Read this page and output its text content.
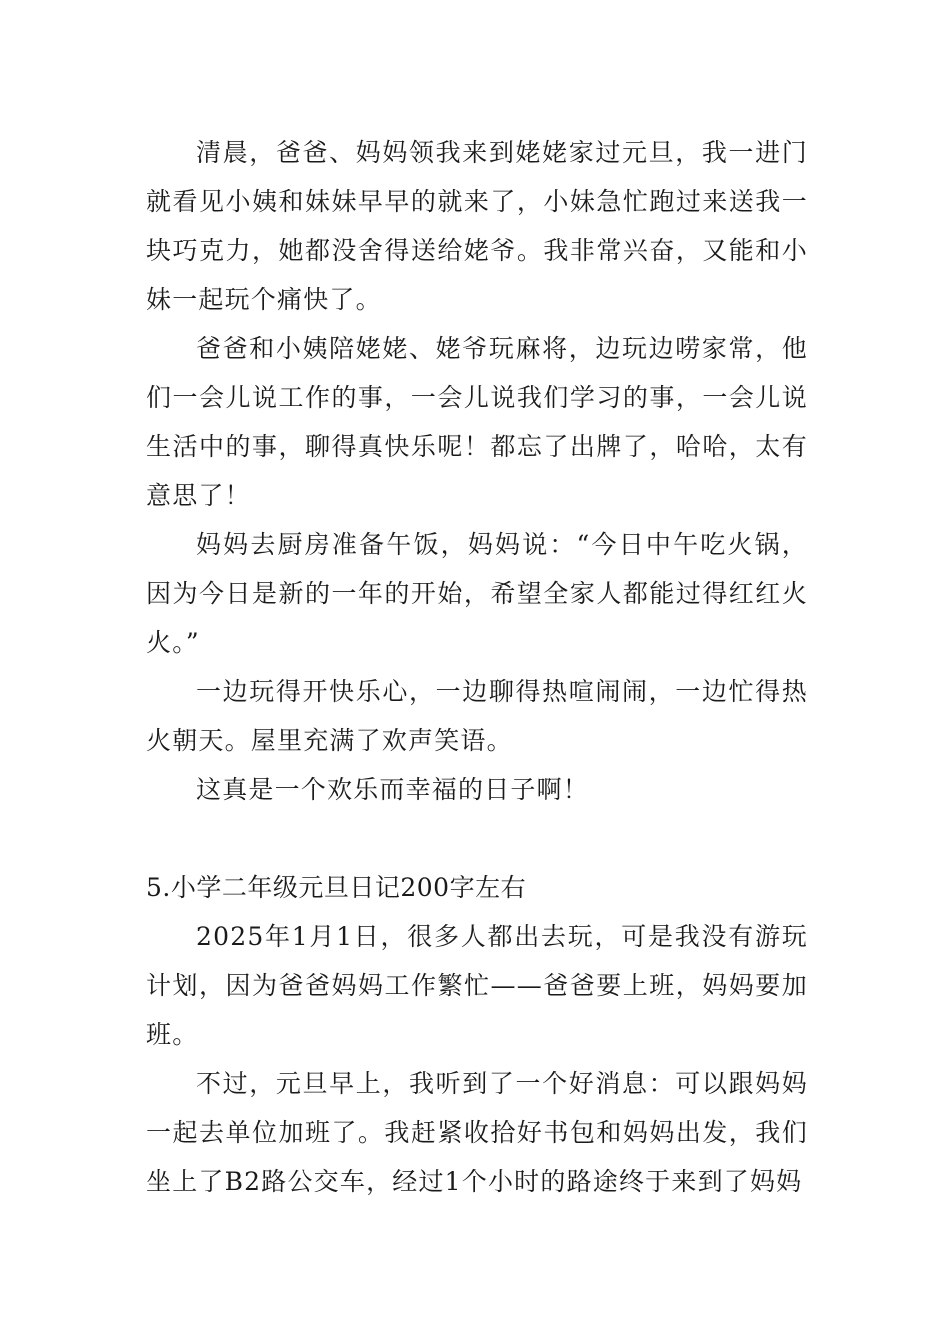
清晨，爸爸、妈妈领我来到姥姥家过元旦，我一进门就看见小姨和妹妹早早的就来了，小妹急忙跑过来送我一块巧克力，她都没舍得送给姥爷。我非常兴奋，又能和小妹一起玩个痛快了。

爸爸和小姨陪姥姥、姥爷玩麻将，边玩边唠家常，他们一会儿说工作的事，一会儿说我们学习的事，一会儿说生活中的事，聊得真快乐呢！都忘了出牌了，哈哈，太有意思了！

妈妈去厨房准备午饭，妈妈说：“今日中午吃火锅，因为今日是新的一年的开始，希望全家人都能过得红红火火。”

一边玩得开快乐心，一边聊得热喧闹闹，一边忙得热火朝天。屋里充满了欢声笑语。

这真是一个欢乐而幸福的日子啊！

5.小学二年级元旦日记200字左右

2025年1月1日，很多人都出去玩，可是我没有游玩计划，因为爸爸妈妈工作繁忙——爸爸要上班，妈妈要加班。

不过，元旦早上，我听到了一个好消息：可以跟妈妈一起去单位加班了。我赶紧收拾好书包和妈妈出发，我们坐上了B2路公交车，经过1个小时的路途终于来到了妈妈
